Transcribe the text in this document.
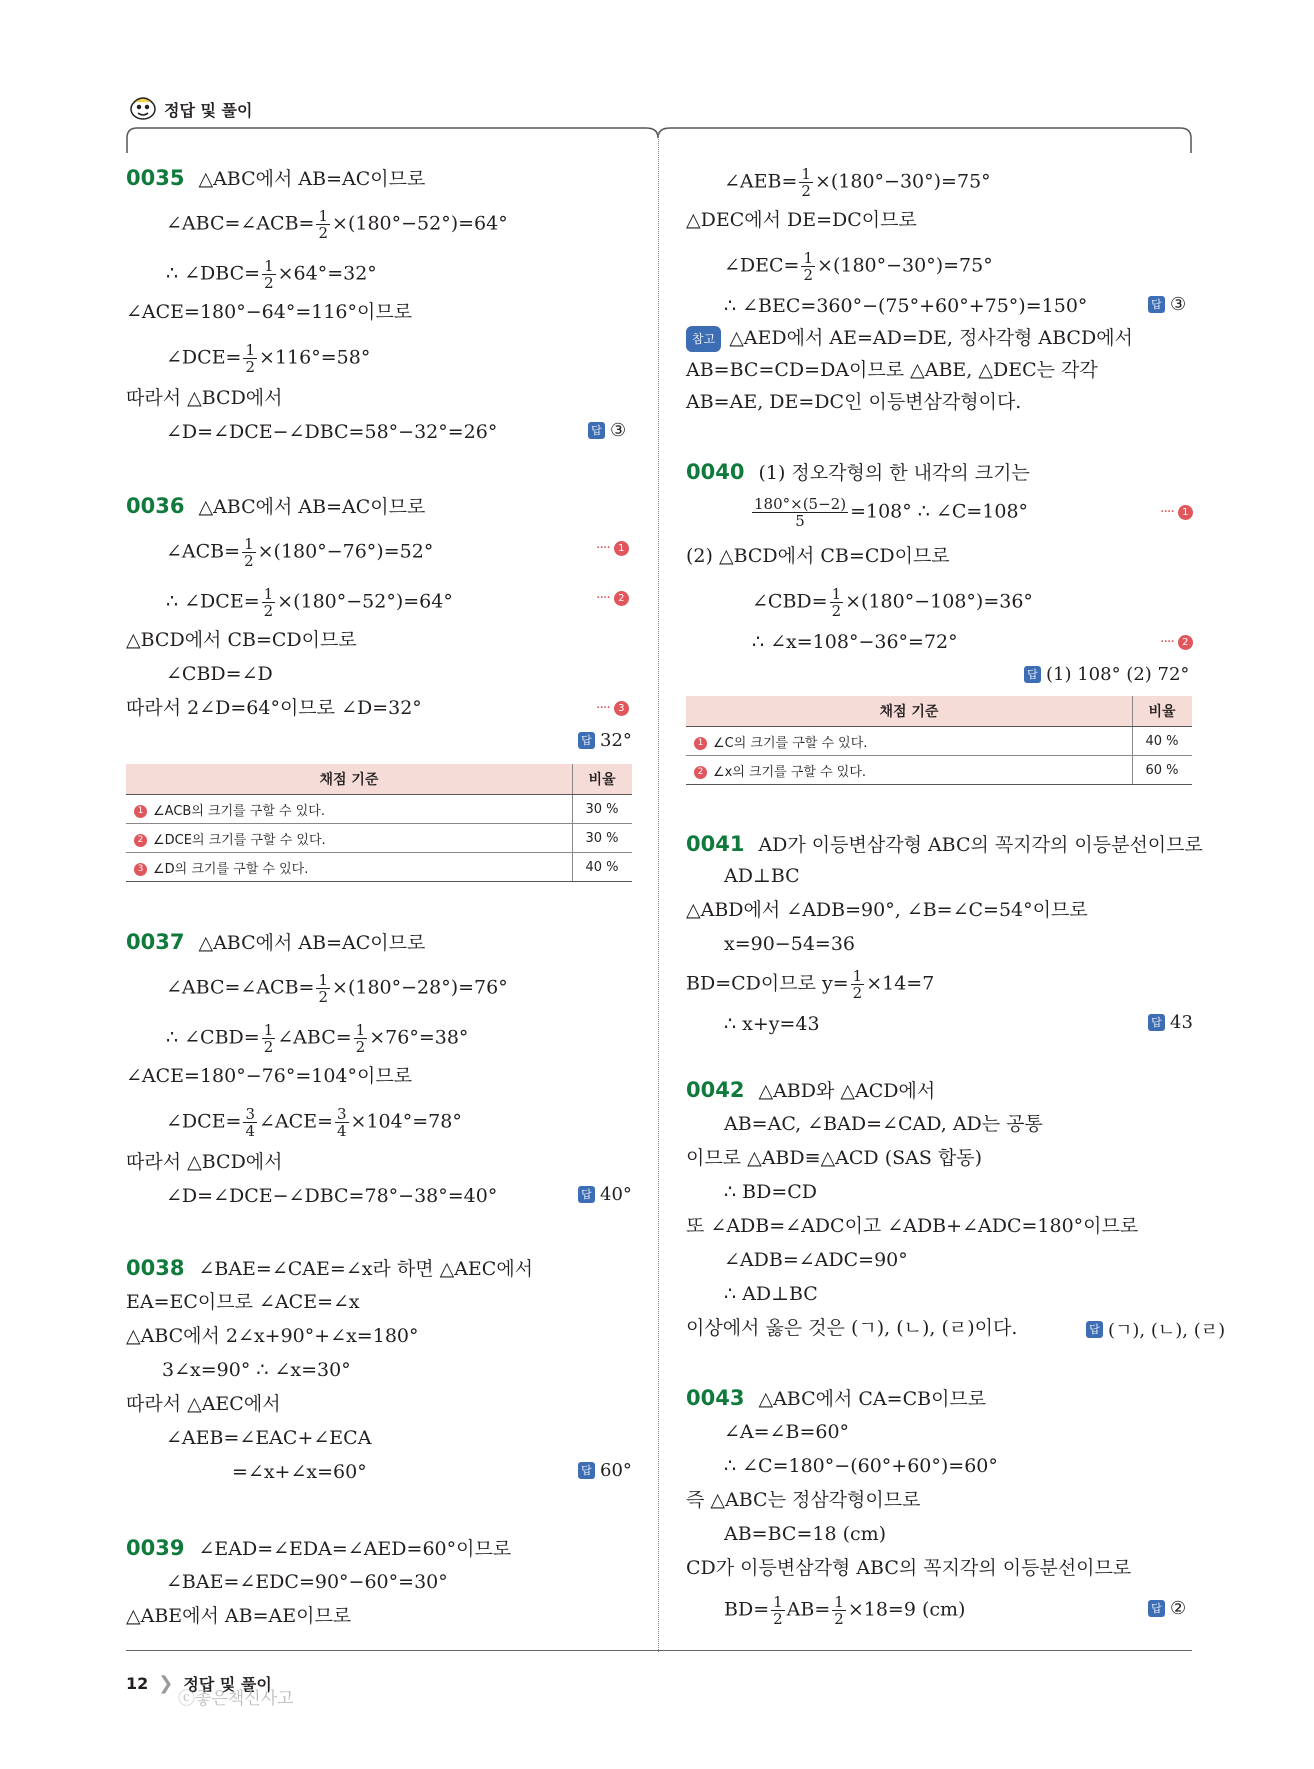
정답 및 풀이
0035 △ABC에서 AB=AC이므로
∠ABC=∠ACB= $\frac{1}{2} \times(180^\circ-52^\circ)=64^\circ$
∴ ∠DBC= $\frac{1}{2} \times 64^\circ=32^\circ$
∠ACE=180°−64°=116°이므로
∠DCE= $\frac{1}{2} \times 116^\circ=58^\circ$
따라서 △BCD에서
∠D=∠DCE−∠DBC=58°−32°=26°	답 ③
0036 △ABC에서 AB=AC이므로
∠ACB= $\frac{1}{2} \times(180^\circ-76^\circ)=52^\circ$	···· 1
∴ ∠DCE= $\frac{1}{2} \times(180^\circ-52^\circ)=64^\circ$	···· 2
△BCD에서 CB=CD이므로
∠CBD=∠D
따라서 2∠D=64°이므로 ∠D=32°	···· 3
답 32°
채점 기준	비율
1 ∠ACB의 크기를 구할 수 있다.	30 %
2 ∠DCE의 크기를 구할 수 있다.	30 %
3 ∠D의 크기를 구할 수 있다.	40 %
0037 △ABC에서 AB=AC이므로
∠ABC=∠ACB= $\frac{1}{2} \times(180^\circ-28^\circ)=76^\circ$
∴ ∠CBD= $\frac{1}{2}$ ∠ABC= $\frac{1}{2} \times 76^\circ=38^\circ$
∠ACE=180°−76°=104°이므로
∠DCE= $\frac{3}{4}$ ∠ACE= $\frac{3}{4} \times 104^\circ=78^\circ$
따라서 △BCD에서
∠D=∠DCE−∠DBC=78°−38°=40°	답 40°
0038 ∠BAE=∠CAE=∠x라 하면 △AEC에서
EA=EC이므로 ∠ACE=∠x
△ABC에서 2∠x+90°+∠x=180°
3∠x=90° ∴ ∠x=30°
따라서 △AEC에서
∠AEB=∠EAC+∠ECA
=∠x+∠x=60°	답 60°
0039 ∠EAD=∠EDA=∠AED=60°이므로
∠BAE=∠EDC=90°−60°=30°
△ABE에서 AB=AE이므로
∠AEB= $\frac{1}{2} \times(180^\circ-30^\circ)=75^\circ$
△DEC에서 DE=DC이므로
∠DEC= $\frac{1}{2} \times(180^\circ-30^\circ)=75^\circ$
∴ ∠BEC=360°−(75°+60°+75°)=150°	답 ③
참고 △AED에서 AE=AD=DE, 정사각형 ABCD에서
AB=BC=CD=DA이므로 △ABE, △DEC는 각각
AB=AE, DE=DC인 이등변삼각형이다.
0040 (1) 정오각형의 한 내각의 크기는
$\frac{180^\circ\times(5-2)}{5} =108^\circ$ ∴ ∠C=108°	···· 1
(2) △BCD에서 CB=CD이므로
∠CBD= $\frac{1}{2} \times(180^\circ-108^\circ)=36^\circ$
∴ ∠x=108°−36°=72°	···· 2
답 (1) 108° (2) 72°
채점 기준	비율
1 ∠C의 크기를 구할 수 있다.	40 %
2 ∠x의 크기를 구할 수 있다.	60 %
0041 AD가 이등변삼각형 ABC의 꼭지각의 이등분선이므로
AD⊥BC
△ABD에서 ∠ADB=90°, ∠B=∠C=54°이므로
x=90−54=36
BD=CD이므로 $y= \frac{1}{2} \times 14=7$
∴ x+y=43	답 43
0042 △ABD와 △ACD에서
AB=AC, ∠BAD=∠CAD, AD는 공통
이므로 △ABD≡△ACD (SAS 합동)
∴ BD=CD
또 ∠ADB=∠ADC이고 ∠ADB+∠ADC=180°이므로
∠ADB=∠ADC=90°
∴ AD⊥BC
이상에서 옳은 것은 (ㄱ), (ㄴ), (ㄹ)이다.	답 (ㄱ), (ㄴ), (ㄹ)
0043 △ABC에서 CA=CB이므로
∠A=∠B=60°
∴ ∠C=180°−(60°+60°)=60°
즉 △ABC는 정삼각형이므로
AB=BC=18 (cm)
CD가 이등변삼각형 ABC의 꼭지각의 이등분선이므로
$BD= \frac{1}{2} AB= \frac{1}{2} \times 18=9$ (cm)	답 ②
12 ❯ 정답 및 풀이
ⓒ좋은책신사고
